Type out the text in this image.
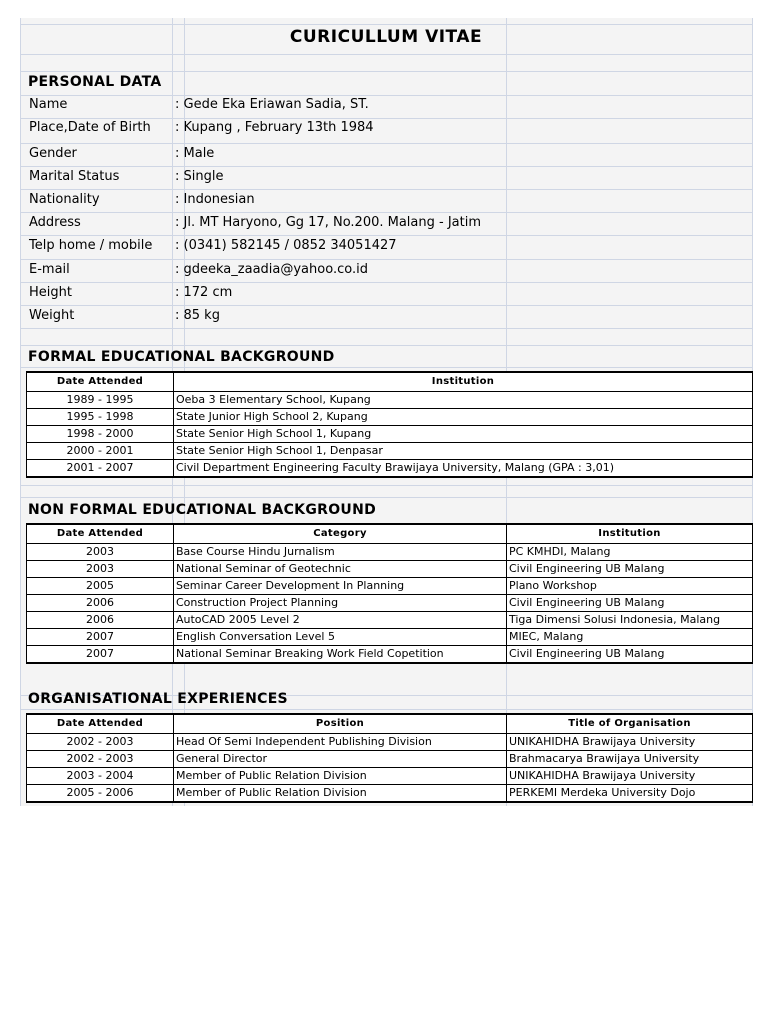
CURICULLUM VITAE
PERSONAL DATA
Name	: Gede Eka Eriawan Sadia, ST.
Place,Date of Birth : Kupang , February 13th 1984
Gender	: Male
Marital Status	: Single
Nationality	: Indonesian
Address	: Jl. MT Haryono, Gg 17, No.200. Malang - Jatim
Telp home / mobile : (0341) 582145 / 0852 34051427
E-mail	: gdeeka_zaadia@yahoo.co.id
Height	: 172 cm
Weight	: 85 kg
FORMAL EDUCATIONAL BACKGROUND
Date Attended	Institution
1989 - 1995	Oeba 3 Elementary School, Kupang
1995 - 1998	State Junior High School 2, Kupang
1998 - 2000	State Senior High School 1, Kupang
2000 - 2001	State Senior High School 1, Denpasar
2001 - 2007	Civil Department Engineering Faculty Brawijaya University, Malang (GPA : 3,01)
NON FORMAL EDUCATIONAL BACKGROUND
Date Attended	Category	Institution
2003	Base Course Hindu Jurnalism	PC KMHDI, Malang
2003	National Seminar of Geotechnic	Civil Engineering UB Malang
2005	Seminar Career Development In Planning	Plano Workshop
2006	Construction Project Planning	Civil Engineering UB Malang
2006	AutoCAD 2005 Level 2	Tiga Dimensi Solusi Indonesia, Malang
2007	English Conversation Level 5	MIEC, Malang
2007	National Seminar Breaking Work Field Copetition	Civil Engineering UB Malang
ORGANISATIONAL EXPERIENCES
Date Attended	Position	Title of Organisation
2002 - 2003	Head Of Semi Independent Publishing Division	UNIKAHIDHA Brawijaya University
2002 - 2003	General Director	Brahmacarya Brawijaya University
2003 - 2004	Member of Public Relation Division	UNIKAHIDHA Brawijaya University
2005 - 2006	Member of Public Relation Division	PERKEMI Merdeka University Dojo
